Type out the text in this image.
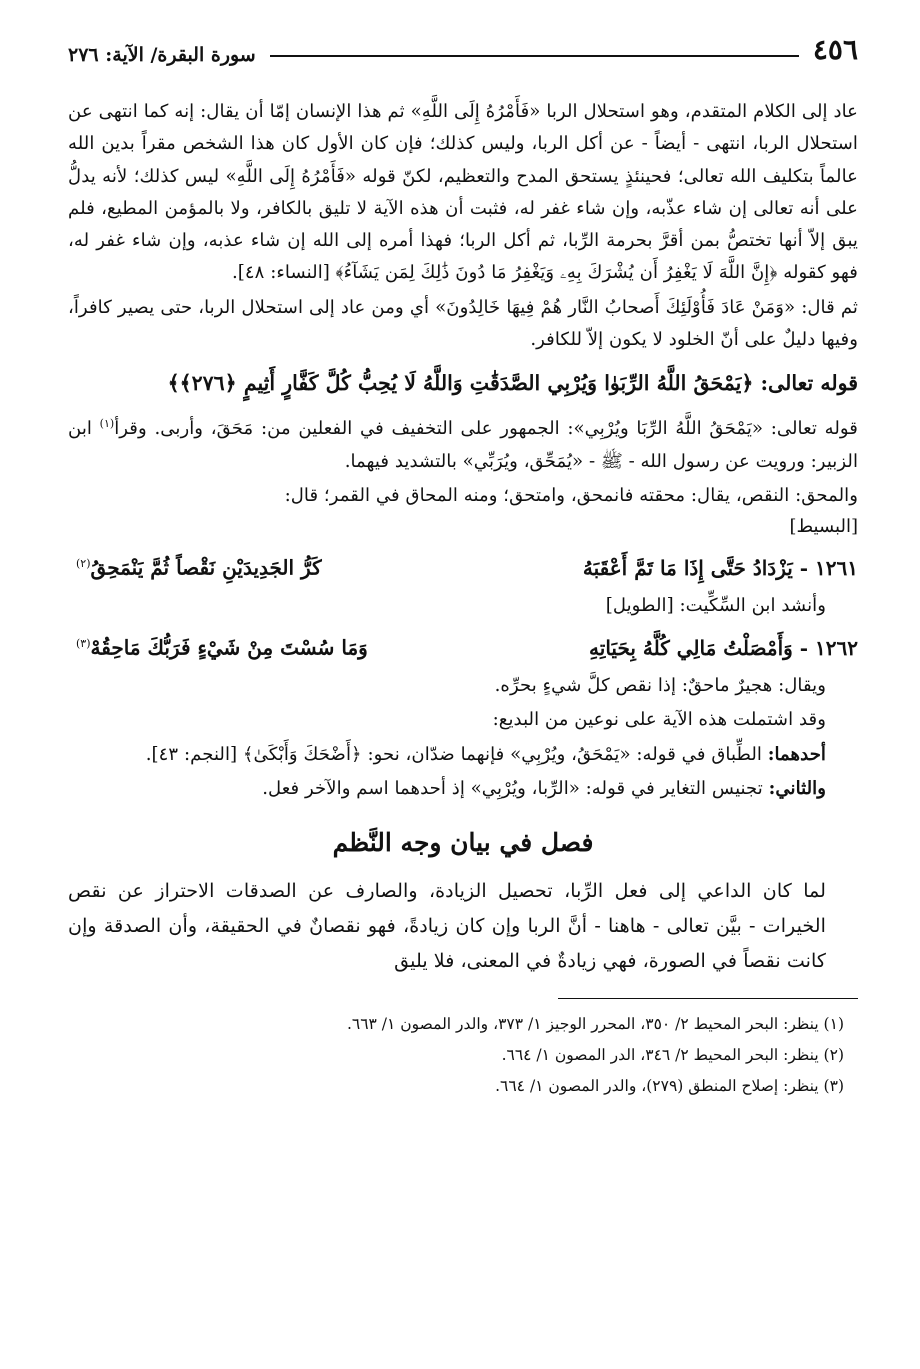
٤٥٦
سورة البقرة/ الآية: ٢٧٦

عاد إلى الكلام المتقدم، وهو استحلال الربا «فَأَمْرُهُ إِلَى اللَّهِ» ثم هذا الإنسان إمّا أن يقال: إنه كما انتهى عن استحلال الربا، انتهى - أيضاً - عن أكل الربا، وليس كذلك؛ فإن كان الأول كان هذا الشخص مقراً بدين الله عالماً بتكليف الله تعالى؛ فحينئذٍ يستحق المدح والتعظيم، لكنّ قوله «فَأَمْرُهُ إِلَى اللَّهِ» ليس كذلك؛ لأنه يدلُّ على أنه تعالى إن شاء عذّبه، وإن شاء غفر له، فثبت أن هذه الآية لا تليق بالكافر، ولا بالمؤمن المطيع، فلم يبق إلاّ أنها تختصُّ بمن أقرَّ بحرمة الرِّبا، ثم أكل الربا؛ فهذا أمره إلى الله إن شاء عذبه، وإن شاء غفر له، فهو كقوله ﴿إِنَّ اللَّهَ لَا يَغْفِرُ أَن يُشْرَكَ بِهِۦ وَيَغْفِرُ مَا دُونَ ذَٰلِكَ لِمَن يَشَآءُ﴾ [النساء: ٤٨].

ثم قال: «وَمَنْ عَادَ فَأُوْلَئِكَ أَصحابُ النَّار هُمْ فِيهَا خَالِدُونَ» أي ومن عاد إلى استحلال الربا، حتى يصير كافراً، وفيها دليلٌ على أنّ الخلود لا يكون إلاّ للكافر.

قوله تعالى: ﴿يَمْحَقُ اللَّهُ الرِّبَوٰا وَيُرْبِي الصَّدَقَٰتِ وَاللَّهُ لَا يُحِبُّ كُلَّ كَفَّارٍ أَثِيمٍ ﴿٢٧٦﴾﴾

قوله تعالى: «يَمْحَقُ اللَّهُ الرِّبَا ويُرْبِي»: الجمهور على التخفيف في الفعلين من: مَحَقَ، وأربى. وقرأ$^{(١)}$ ابن الزبير: ورويت عن رسول الله - ﷺ - «يُمَحِّق، ويُرَبِّي» بالتشديد فيهما.

والمحق: النقص، يقال: محقته فانمحق، وامتحق؛ ومنه المحاق في القمر؛ قال:

[البسيط]
١٢٦١ - يَزْدَادُ حَتَّى إِذَا مَا تَمَّ أَعْقَبَهُ
كَرُّ الجَدِيدَيْنِ نَقْصاً ثُمَّ يَنْمَحِقُ$^{(٢)}$

وأنشد ابن السِّكِّيت: [الطويل]

١٢٦٢ - وَأَمْصَلْتُ مَالِي كُلَّهُ بِحَيَاتِهِ
وَمَا سُسْتَ مِنْ شَيْءٍ فَرَبُّكَ مَاحِقُهْ$^{(٣)}$

ويقال: هجيرٌ ماحقٌ: إذا نقص كلَّ شيءٍ بحرِّه.

وقد اشتملت هذه الآية على نوعين من البديع:

أحدهما: الطِّباق في قوله: «يَمْحَقُ، ويُرْبِي» فإنهما ضدّان، نحو: ﴿أَضْحَكَ وَأَبْكَىٰ﴾ [النجم: ٤٣].

والثاني: تجنيس التغاير في قوله: «الرِّبا، ويُرْبِي» إذ أحدهما اسم والآخر فعل.

فصل في بيان وجه النَّظم

لما كان الداعي إلى فعل الرِّبا، تحصيل الزيادة، والصارف عن الصدقات الاحتراز عن نقص الخيرات - بيَّن تعالى - هاهنا - أنَّ الربا وإن كان زيادةً، فهو نقصانٌ في الحقيقة، وأن الصدقة وإن كانت نقصاً في الصورة، فهي زيادةٌ في المعنى، فلا يليق

(١) ينظر: البحر المحيط ٢/ ٣٥٠، المحرر الوجيز ١/ ٣٧٣، والدر المصون ١/ ٦٦٣.

(٢) ينظر: البحر المحيط ٢/ ٣٤٦، الدر المصون ١/ ٦٦٤.

(٣) ينظر: إصلاح المنطق (٢٧٩)، والدر المصون ١/ ٦٦٤.
